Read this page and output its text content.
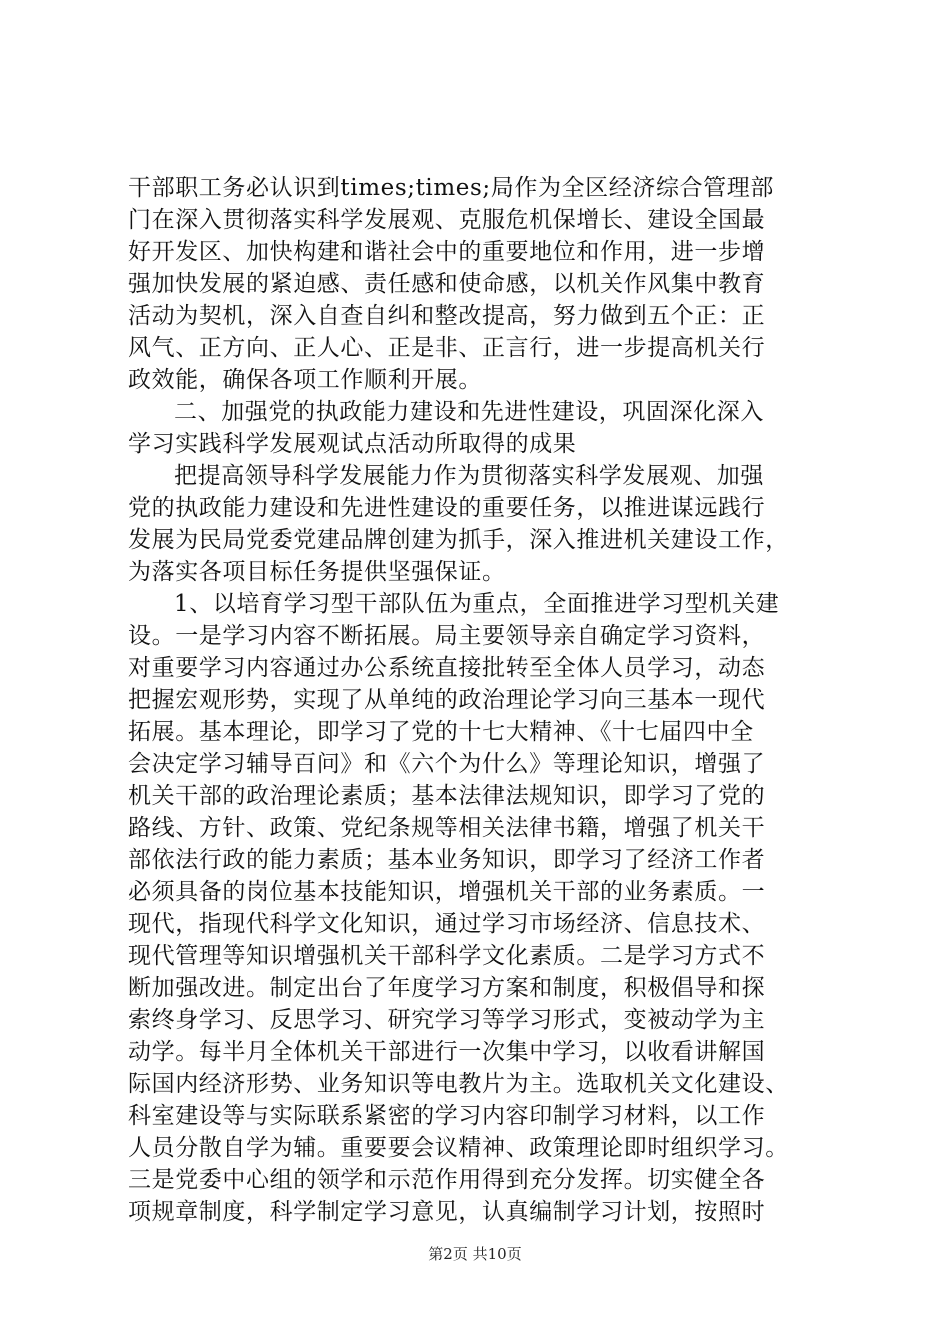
干部职工务必认识到times;times;局作为全区经济综合管理部
门在深入贯彻落实科学发展观、克服危机保增长、建设全国最
好开发区、加快构建和谐社会中的重要地位和作用，进一步增
强加快发展的紧迫感、责任感和使命感，以机关作风集中教育
活动为契机，深入自查自纠和整改提高，努力做到五个正：正
风气、正方向、正人心、正是非、正言行，进一步提高机关行
政效能，确保各项工作顺利开展。
二、加强党的执政能力建设和先进性建设，巩固深化深入
学习实践科学发展观试点活动所取得的成果
把提高领导科学发展能力作为贯彻落实科学发展观、加强
党的执政能力建设和先进性建设的重要任务，以推进谋远践行
发展为民局党委党建品牌创建为抓手，深入推进机关建设工作，
为落实各项目标任务提供坚强保证。
1、以培育学习型干部队伍为重点，全面推进学习型机关建
设。一是学习内容不断拓展。局主要领导亲自确定学习资料，
对重要学习内容通过办公系统直接批转至全体人员学习，动态
把握宏观形势，实现了从单纯的政治理论学习向三基本一现代
拓展。基本理论，即学习了党的十七大精神、《十七届四中全
会决定学习辅导百问》和《六个为什么》等理论知识，增强了
机关干部的政治理论素质；基本法律法规知识，即学习了党的
路线、方针、政策、党纪条规等相关法律书籍，增强了机关干
部依法行政的能力素质；基本业务知识，即学习了经济工作者
必须具备的岗位基本技能知识，增强机关干部的业务素质。一
现代，指现代科学文化知识，通过学习市场经济、信息技术、
现代管理等知识增强机关干部科学文化素质。二是学习方式不
断加强改进。制定出台了年度学习方案和制度，积极倡导和探
索终身学习、反思学习、研究学习等学习形式，变被动学为主
动学。每半月全体机关干部进行一次集中学习，以收看讲解国
际国内经济形势、业务知识等电教片为主。选取机关文化建设、
科室建设等与实际联系紧密的学习内容印制学习材料，以工作
人员分散自学为辅。重要要会议精神、政策理论即时组织学习。
三是党委中心组的领学和示范作用得到充分发挥。切实健全各
项规章制度，科学制定学习意见，认真编制学习计划，按照时
第2页 共10页
